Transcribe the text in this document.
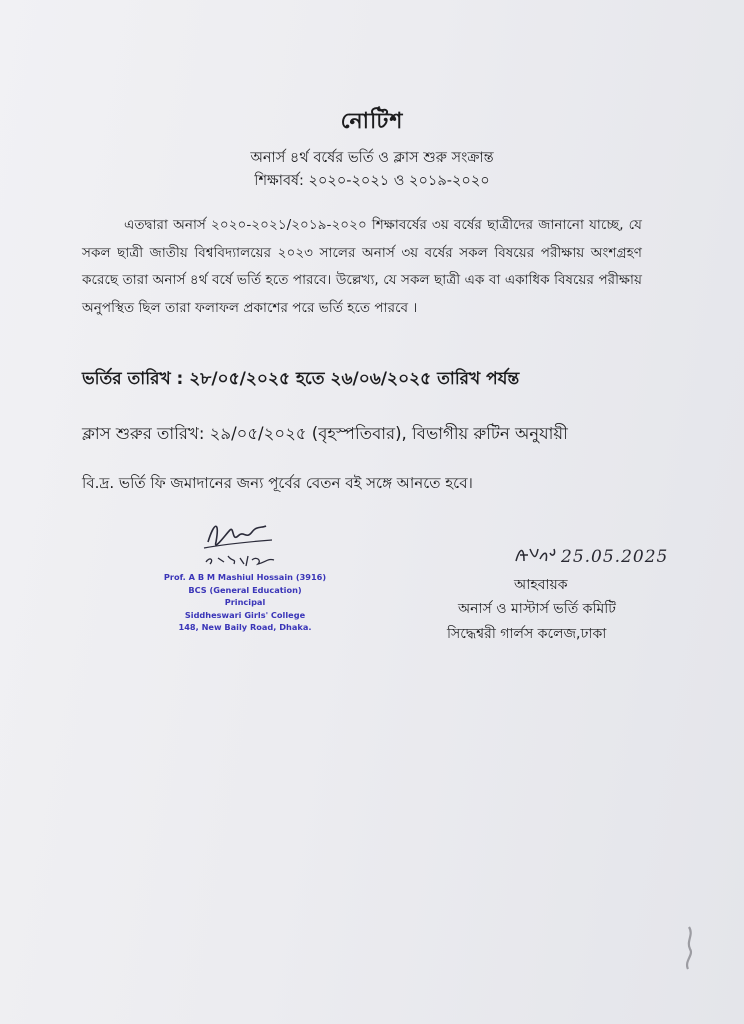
নোটিশ
অনার্স ৪র্থ বর্ষের ভর্তি ও ক্লাস শুরু সংক্রান্ত
শিক্ষাবর্ষ: ২০২০-২০২১ ও ২০১৯-২০২০
এতদ্বারা অনার্স ২০২০-২০২১/২০১৯-২০২০ শিক্ষাবর্ষের ৩য় বর্ষের ছাত্রীদের জানানো যাচ্ছে, যে সকল ছাত্রী জাতীয় বিশ্ববিদ্যালয়ের ২০২৩ সালের অনার্স ৩য় বর্ষের সকল বিষয়ের পরীক্ষায় অংশগ্রহণ করেছে তারা অনার্স ৪র্থ বর্ষে ভর্তি হতে পারবে। উল্লেখ্য, যে সকল ছাত্রী এক বা একাধিক বিষয়ের পরীক্ষায় অনুপস্থিত ছিল তারা ফলাফল প্রকাশের পরে ভর্তি হতে পারবে ।
ভর্তির তারিখ : ২৮/০৫/২০২৫ হতে ২৬/০৬/২০২৫ তারিখ পর্যন্ত
ক্লাস শুরুর তারিখ: ২৯/০৫/২০২৫ (বৃহস্পতিবার), বিভাগীয় রুটিন অনুযায়ী
বি.দ্র. ভর্তি ফি জমাদানের জন্য পূর্বের বেতন বই সঙ্গে আনতে হবে।
Prof. A B M Mashiul Hossain (3916)
BCS (General Education)
Principal
Siddheswari Girls' College
148, New Baily Road, Dhaka.
25.05.2025
আহবায়ক
অনার্স ও মাস্টার্স ভর্তি কমিটি
সিদ্ধেশ্বরী গার্লস কলেজ,ঢাকা
